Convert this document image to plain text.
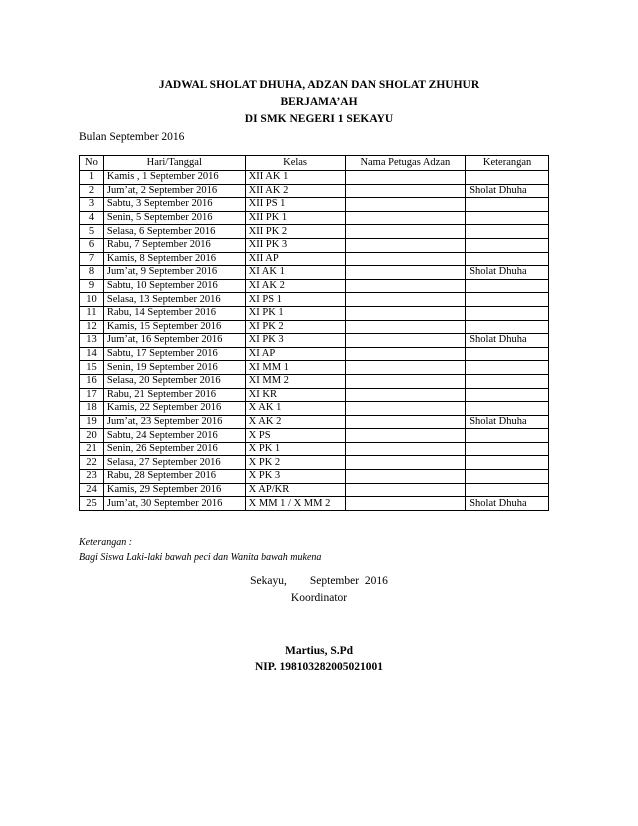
JADWAL SHOLAT DHUHA, ADZAN DAN SHOLAT ZHUHUR
BERJAMA’AH
DI SMK NEGERI 1 SEKAYU
Bulan September 2016
No	Hari/Tanggal	Kelas	Nama Petugas Adzan	Keterangan
1	Kamis , 1 September 2016	XII AK 1		
2	Jum’at, 2 September 2016	XII AK 2		Sholat Dhuha
3	Sabtu, 3 September 2016	XII PS 1		
4	Senin, 5 September 2016	XII PK 1		
5	Selasa, 6 September 2016	XII PK 2		
6	Rabu, 7 September 2016	XII PK 3		
7	Kamis, 8 September 2016	XII AP		
8	Jum’at, 9 September 2016	XI AK 1		Sholat Dhuha
9	Sabtu, 10 September 2016	XI AK 2		
10	Selasa, 13 September 2016	XI PS 1		
11	Rabu, 14 September 2016	XI PK 1		
12	Kamis, 15 September 2016	XI PK 2		
13	Jum’at, 16 September 2016	XI PK 3		Sholat Dhuha
14	Sabtu, 17 September 2016	XI AP		
15	Senin, 19 September 2016	XI MM 1		
16	Selasa, 20 September 2016	XI MM 2		
17	Rabu, 21 September 2016	XI KR		
18	Kamis, 22 September 2016	X AK 1		
19	Jum’at, 23 September 2016	X AK 2		Sholat Dhuha
20	Sabtu, 24 September 2016	X PS		
21	Senin, 26 September 2016	X PK 1		
22	Selasa, 27 September 2016	X PK 2		
23	Rabu, 28 September 2016	X PK 3		
24	Kamis, 29 September 2016	X AP/KR		
25	Jum’at, 30 September 2016	X MM 1 / X MM 2		Sholat Dhuha
Keterangan :
Bagi Siswa Laki-laki bawah peci dan Wanita bawah mukena
Sekayu,        September  2016
Koordinator
Martius, S.Pd
NIP. 198103282005021001
